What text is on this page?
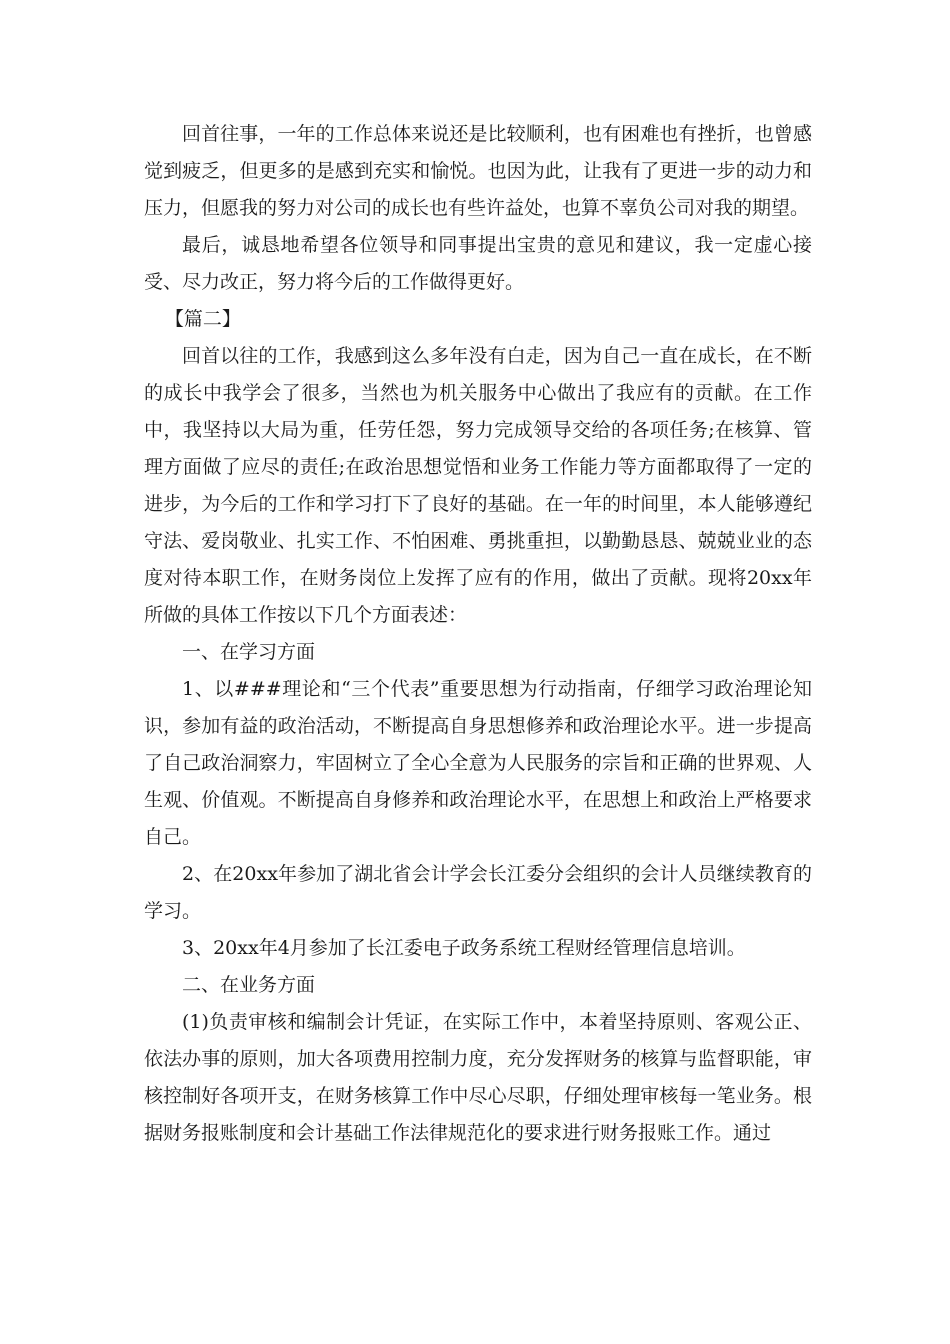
回首往事，一年的工作总体来说还是比较顺利，也有困难也有挫折，也曾感觉到疲乏，但更多的是感到充实和愉悦。也因为此，让我有了更进一步的动力和压力，但愿我的努力对公司的成长也有些许益处，也算不辜负公司对我的期望。

最后，诚恳地希望各位领导和同事提出宝贵的意见和建议，我一定虚心接受、尽力改正，努力将今后的工作做得更好。

【篇二】

回首以往的工作，我感到这么多年没有白走，因为自己一直在成长，在不断的成长中我学会了很多，当然也为机关服务中心做出了我应有的贡献。在工作中，我坚持以大局为重，任劳任怨，努力完成领导交给的各项任务;在核算、管理方面做了应尽的责任;在政治思想觉悟和业务工作能力等方面都取得了一定的进步，为今后的工作和学习打下了良好的基础。在一年的时间里，本人能够遵纪守法、爱岗敬业、扎实工作、不怕困难、勇挑重担，以勤勤恳恳、兢兢业业的态度对待本职工作，在财务岗位上发挥了应有的作用，做出了贡献。现将20xx年所做的具体工作按以下几个方面表述：

一、在学习方面

1、以###理论和“三个代表”重要思想为行动指南，仔细学习政治理论知识，参加有益的政治活动，不断提高自身思想修养和政治理论水平。进一步提高了自己政治洞察力，牢固树立了全心全意为人民服务的宗旨和正确的世界观、人生观、价值观。不断提高自身修养和政治理论水平，在思想上和政治上严格要求自己。

2、在20xx年参加了湖北省会计学会长江委分会组织的会计人员继续教育的学习。

3、20xx年4月参加了长江委电子政务系统工程财经管理信息培训。

二、在业务方面

(1)负责审核和编制会计凭证，在实际工作中，本着坚持原则、客观公正、依法办事的原则，加大各项费用控制力度，充分发挥财务的核算与监督职能，审核控制好各项开支，在财务核算工作中尽心尽职，仔细处理审核每一笔业务。根据财务报账制度和会计基础工作法律规范化的要求进行财务报账工作。通过
